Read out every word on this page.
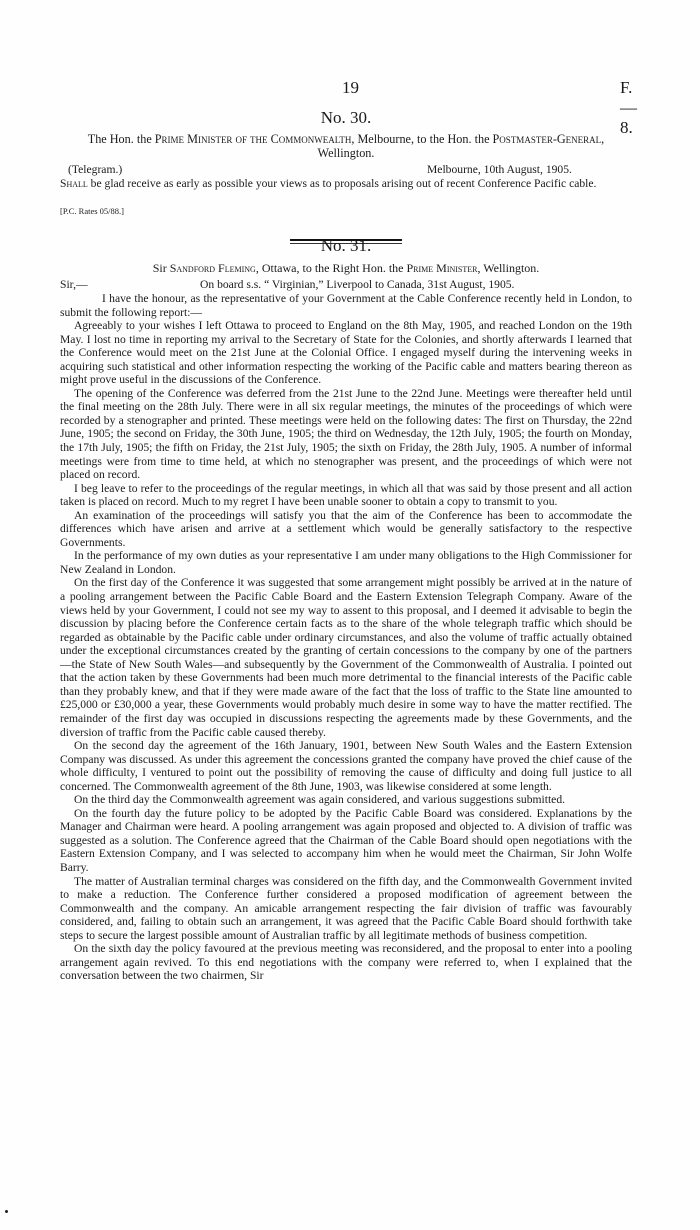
19	F.—8.
No. 30.
The Hon. the Prime Minister of the Commonwealth, Melbourne, to the Hon. the Postmaster-General, Wellington.
(Telegram.)	Melbourne, 10th August, 1905.
Shall be glad receive as early as possible your views as to proposals arising out of recent Conference Pacific cable.
[P.C. Rates 05/88.]
No. 31.
Sir Sandford Fleming, Ottawa, to the Right Hon. the Prime Minister, Wellington.
Sir,—	On board s.s. “ Virginian,” Liverpool to Canada, 31st August, 1905.

I have the honour, as the representative of your Government at the Cable Conference recently held in London, to submit the following report:—

Agreeably to your wishes I left Ottawa to proceed to England on the 8th May, 1905, and reached London on the 19th May. I lost no time in reporting my arrival to the Secretary of State for the Colonies, and shortly afterwards I learned that the Conference would meet on the 21st June at the Colonial Office. I engaged myself during the intervening weeks in acquiring such statistical and other information respecting the working of the Pacific cable and matters bearing thereon as might prove useful in the discussions of the Conference.

The opening of the Conference was deferred from the 21st June to the 22nd June. Meetings were thereafter held until the final meeting on the 28th July. There were in all six regular meetings, the minutes of the proceedings of which were recorded by a stenographer and printed. These meetings were held on the following dates: The first on Thursday, the 22nd June, 1905; the second on Friday, the 30th June, 1905; the third on Wednesday, the 12th July, 1905; the fourth on Monday, the 17th July, 1905; the fifth on Friday, the 21st July, 1905; the sixth on Friday, the 28th July, 1905. A number of informal meetings were from time to time held, at which no stenographer was present, and the proceedings of which were not placed on record.

I beg leave to refer to the proceedings of the regular meetings, in which all that was said by those present and all action taken is placed on record. Much to my regret I have been unable sooner to obtain a copy to transmit to you.

An examination of the proceedings will satisfy you that the aim of the Conference has been to accommodate the differences which have arisen and arrive at a settlement which would be generally satisfactory to the respective Governments.

In the performance of my own duties as your representative I am under many obligations to the High Commissioner for New Zealand in London.

On the first day of the Conference it was suggested that some arrangement might possibly be arrived at in the nature of a pooling arrangement between the Pacific Cable Board and the Eastern Extension Telegraph Company. Aware of the views held by your Government, I could not see my way to assent to this proposal, and I deemed it advisable to begin the discussion by placing before the Conference certain facts as to the share of the whole telegraph traffic which should be regarded as obtainable by the Pacific cable under ordinary circumstances, and also the volume of traffic actually obtained under the exceptional circumstances created by the granting of certain concessions to the company by one of the partners—the State of New South Wales—and subsequently by the Government of the Commonwealth of Australia. I pointed out that the action taken by these Governments had been much more detrimental to the financial interests of the Pacific cable than they probably knew, and that if they were made aware of the fact that the loss of traffic to the State line amounted to £25,000 or £30,000 a year, these Governments would probably much desire in some way to have the matter rectified. The remainder of the first day was occupied in discussions respecting the agreements made by these Governments, and the diversion of traffic from the Pacific cable caused thereby.

On the second day the agreement of the 16th January, 1901, between New South Wales and the Eastern Extension Company was discussed. As under this agreement the concessions granted the company have proved the chief cause of the whole difficulty, I ventured to point out the possibility of removing the cause of difficulty and doing full justice to all concerned. The Commonwealth agreement of the 8th June, 1903, was likewise considered at some length.

On the third day the Commonwealth agreement was again considered, and various suggestions submitted.

On the fourth day the future policy to be adopted by the Pacific Cable Board was considered. Explanations by the Manager and Chairman were heard. A pooling arrangement was again proposed and objected to. A division of traffic was suggested as a solution. The Conference agreed that the Chairman of the Cable Board should open negotiations with the Eastern Extension Company, and I was selected to accompany him when he would meet the Chairman, Sir John Wolfe Barry.

The matter of Australian terminal charges was considered on the fifth day, and the Commonwealth Government invited to make a reduction. The Conference further considered a proposed modification of agreement between the Commonwealth and the company. An amicable arrangement respecting the fair division of traffic was favourably considered, and, failing to obtain such an arrangement, it was agreed that the Pacific Cable Board should forthwith take steps to secure the largest possible amount of Australian traffic by all legitimate methods of business competition.

On the sixth day the policy favoured at the previous meeting was reconsidered, and the proposal to enter into a pooling arrangement again revived. To this end negotiations with the company were referred to, when I explained that the conversation between the two chairmen, Sir
